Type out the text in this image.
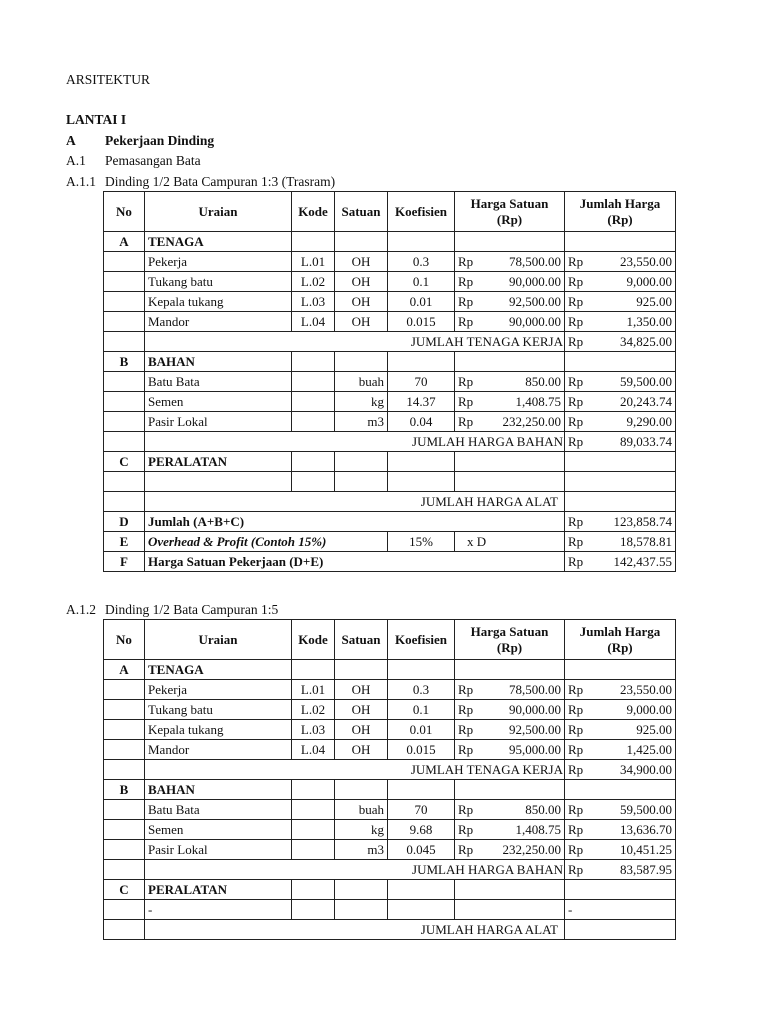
ARSITEKTUR
LANTAI I
A Pekerjaan Dinding
A.1 Pemasangan Bata
A.1.1 Dinding 1/2 Bata Campuran 1:3 (Trasram)
No	Uraian	Kode	Satuan	Koefisien	Harga Satuan (Rp)	Jumlah Harga (Rp)
A	TENAGA					
	Pekerja	L.01	OH	0.3	Rp 78,500.00	Rp 23,550.00

	Tukang batu	L.02	OH	0.1	Rp 90,000.00	Rp 9,000.00

	Kepala tukang	L.03	OH	0.01	Rp 92,500.00	Rp 925.00

	Mandor	L.04	OH	0.015	Rp 90,000.00	Rp 1,350.00

	JUMLAH TENAGA KERJA					Rp 34,825.00

B	BAHAN					
	Batu Bata		buah	70	Rp 850.00	Rp 59,500.00

	Semen		kg	14.37	Rp 1,408.75	Rp 20,243.74

	Pasir Lokal		m3	0.04	Rp 232,250.00	Rp 9,290.00

	JUMLAH HARGA BAHAN					Rp 89,033.74

C	PERALATAN					

	JUMLAH HARGA ALAT					
D	Jumlah (A+B+C)					Rp 123,858.74

E	Overhead & Profit (Contoh 15%)			15%	x D	Rp 18,578.81

F	Harga Satuan Pekerjaan (D+E)					Rp 142,437.55
A.1.2 Dinding 1/2 Bata Campuran 1:5
No	Uraian	Kode	Satuan	Koefisien	Harga Satuan (Rp)	Jumlah Harga (Rp)
A	TENAGA					
	Pekerja	L.01	OH	0.3	Rp 78,500.00	Rp 23,550.00

	Tukang batu	L.02	OH	0.1	Rp 90,000.00	Rp 9,000.00

	Kepala tukang	L.03	OH	0.01	Rp 92,500.00	Rp 925.00

	Mandor	L.04	OH	0.015	Rp 95,000.00	Rp 1,425.00

	JUMLAH TENAGA KERJA					Rp 34,900.00

B	BAHAN					
	Batu Bata		buah	70	Rp 850.00	Rp 59,500.00

	Semen		kg	9.68	Rp 1,408.75	Rp 13,636.70

	Pasir Lokal		m3	0.045	Rp 232,250.00	Rp 10,451.25

	JUMLAH HARGA BAHAN					Rp 83,587.95

C	PERALATAN					
	-					-
	JUMLAH HARGA ALAT					
